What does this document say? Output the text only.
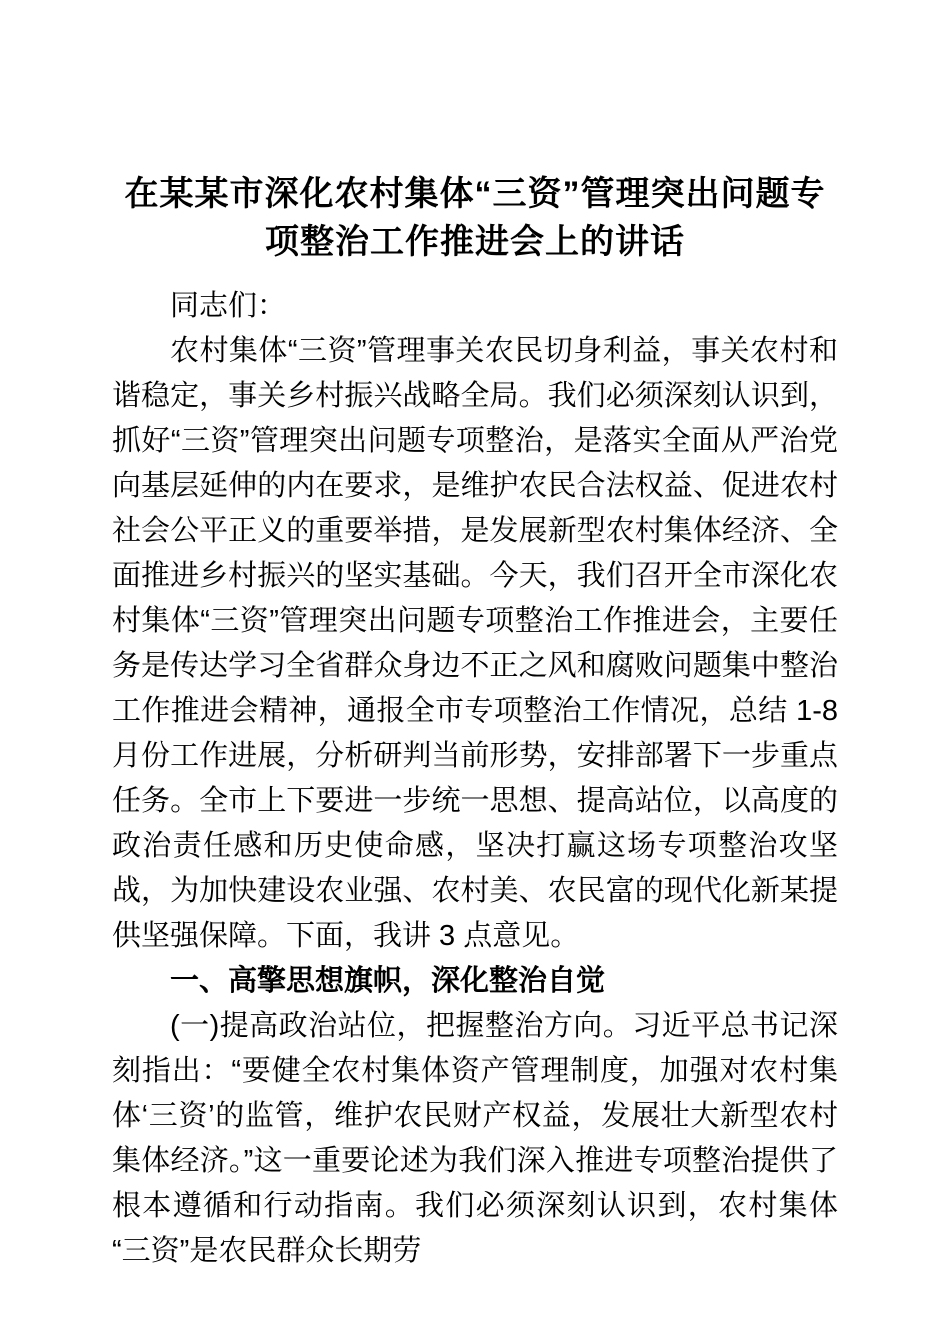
在某某市深化农村集体“三资”管理突出问题专项整治工作推进会上的讲话

同志们：

农村集体“三资”管理事关农民切身利益，事关农村和谐稳定，事关乡村振兴战略全局。我们必须深刻认识到，抓好“三资”管理突出问题专项整治，是落实全面从严治党向基层延伸的内在要求，是维护农民合法权益、促进农村社会公平正义的重要举措，是发展新型农村集体经济、全面推进乡村振兴的坚实基础。今天，我们召开全市深化农村集体“三资”管理突出问题专项整治工作推进会，主要任务是传达学习全省群众身边不正之风和腐败问题集中整治工作推进会精神，通报全市专项整治工作情况，总结 1-8 月份工作进展，分析研判当前形势，安排部署下一步重点任务。全市上下要进一步统一思想、提高站位，以高度的政治责任感和历史使命感，坚决打赢这场专项整治攻坚战，为加快建设农业强、农村美、农民富的现代化新某提供坚强保障。下面，我讲 3 点意见。

一、高擎思想旗帜，深化整治自觉

(一)提高政治站位，把握整治方向。习近平总书记深刻指出：“要健全农村集体资产管理制度，加强对农村集体‘三资’的监管，维护农民财产权益，发展壮大新型农村集体经济。”这一重要论述为我们深入推进专项整治提供了根本遵循和行动指南。我们必须深刻认识到，农村集体“三资”是农民群众长期劳
